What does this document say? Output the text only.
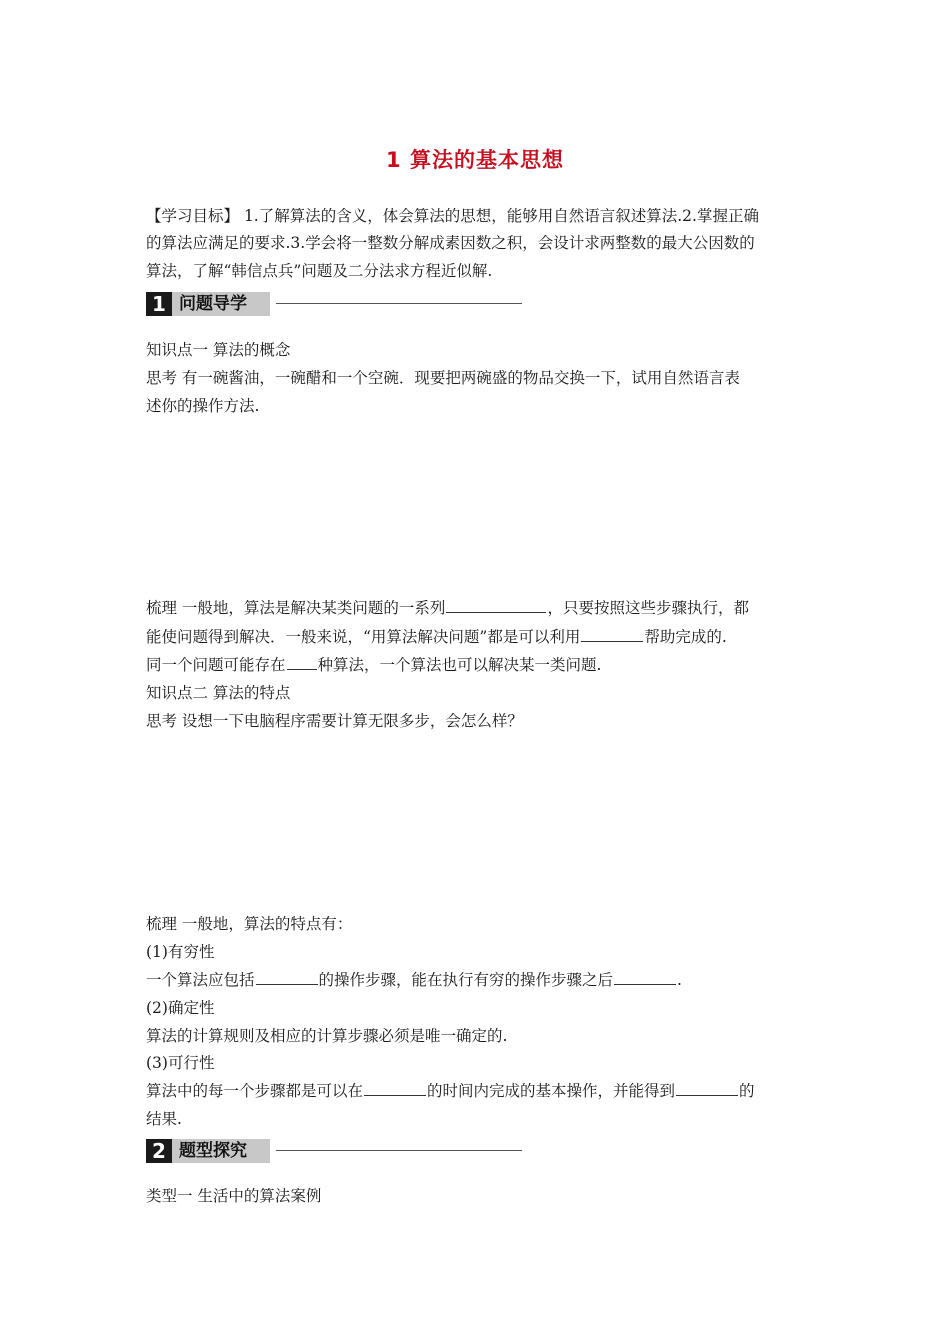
1 算法的基本思想
【学习目标】 1.了解算法的含义，体会算法的思想，能够用自然语言叙述算法.2.掌握正确
的算法应满足的要求.3.学会将一整数分解成素因数之积，会设计求两整数的最大公因数的
算法，了解“韩信点兵”问题及二分法求方程近似解.
1 问题导学
知识点一 算法的概念
思考 有一碗酱油，一碗醋和一个空碗．现要把两碗盛的物品交换一下，试用自然语言表
述你的操作方法.
梳理 一般地，算法是解决某类问题的一系列	，只要按照这些步骤执行，都
能使问题得到解决．一般来说，“用算法解决问题”都是可以利用	帮助完成的.
同一个问题可能存在 种算法，一个算法也可以解决某一类问题.
知识点二 算法的特点
思考 设想一下电脑程序需要计算无限多步，会怎么样？
梳理 一般地，算法的特点有：
(1)有穷性
一个算法应包括	的操作步骤，能在执行有穷的操作步骤之后	.
(2)确定性
算法的计算规则及相应的计算步骤必须是唯一确定的.
(3)可行性
算法中的每一个步骤都是可以在	的时间内完成的基本操作，并能得到	的
结果.
2 题型探究
类型一 生活中的算法案例
